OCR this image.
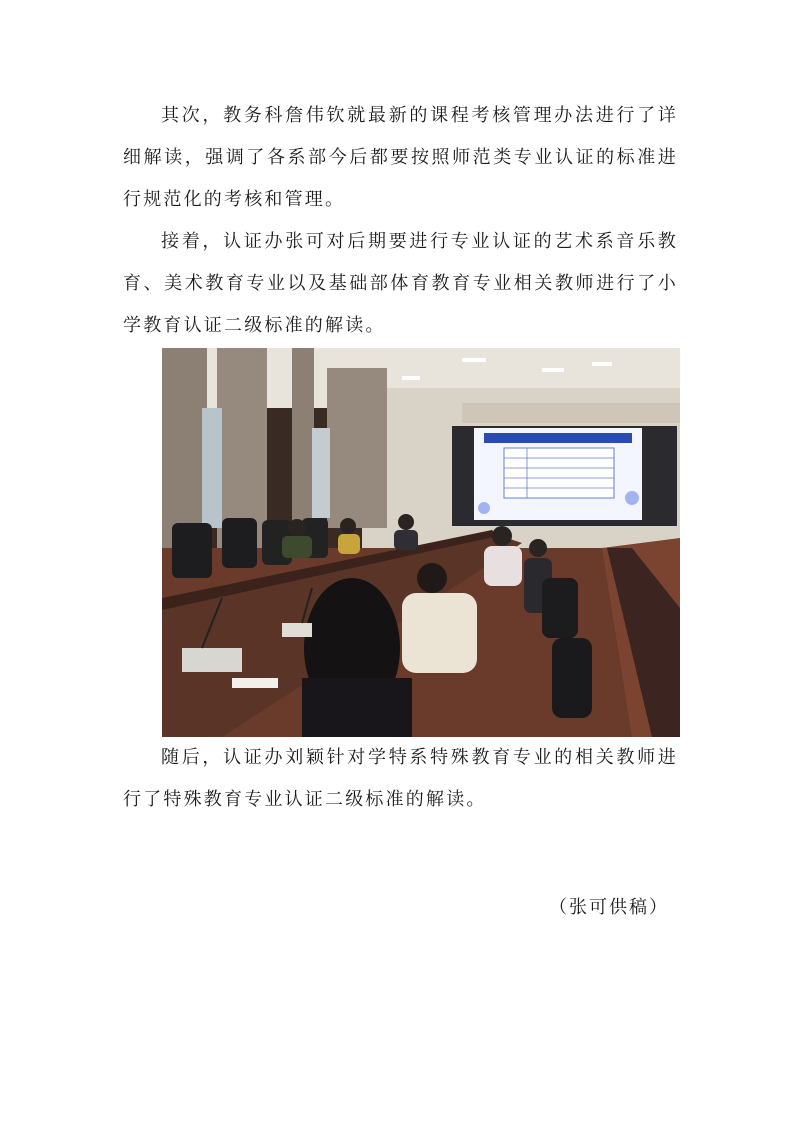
其次，教务科詹伟钦就最新的课程考核管理办法进行了详细解读，强调了各系部今后都要按照师范类专业认证的标准进行规范化的考核和管理。

接着，认证办张可对后期要进行专业认证的艺术系音乐教育、美术教育专业以及基础部体育教育专业相关教师进行了小学教育认证二级标准的解读。

随后，认证办刘颖针对学特系特殊教育专业的相关教师进行了特殊教育专业认证二级标准的解读。

（张可供稿）
